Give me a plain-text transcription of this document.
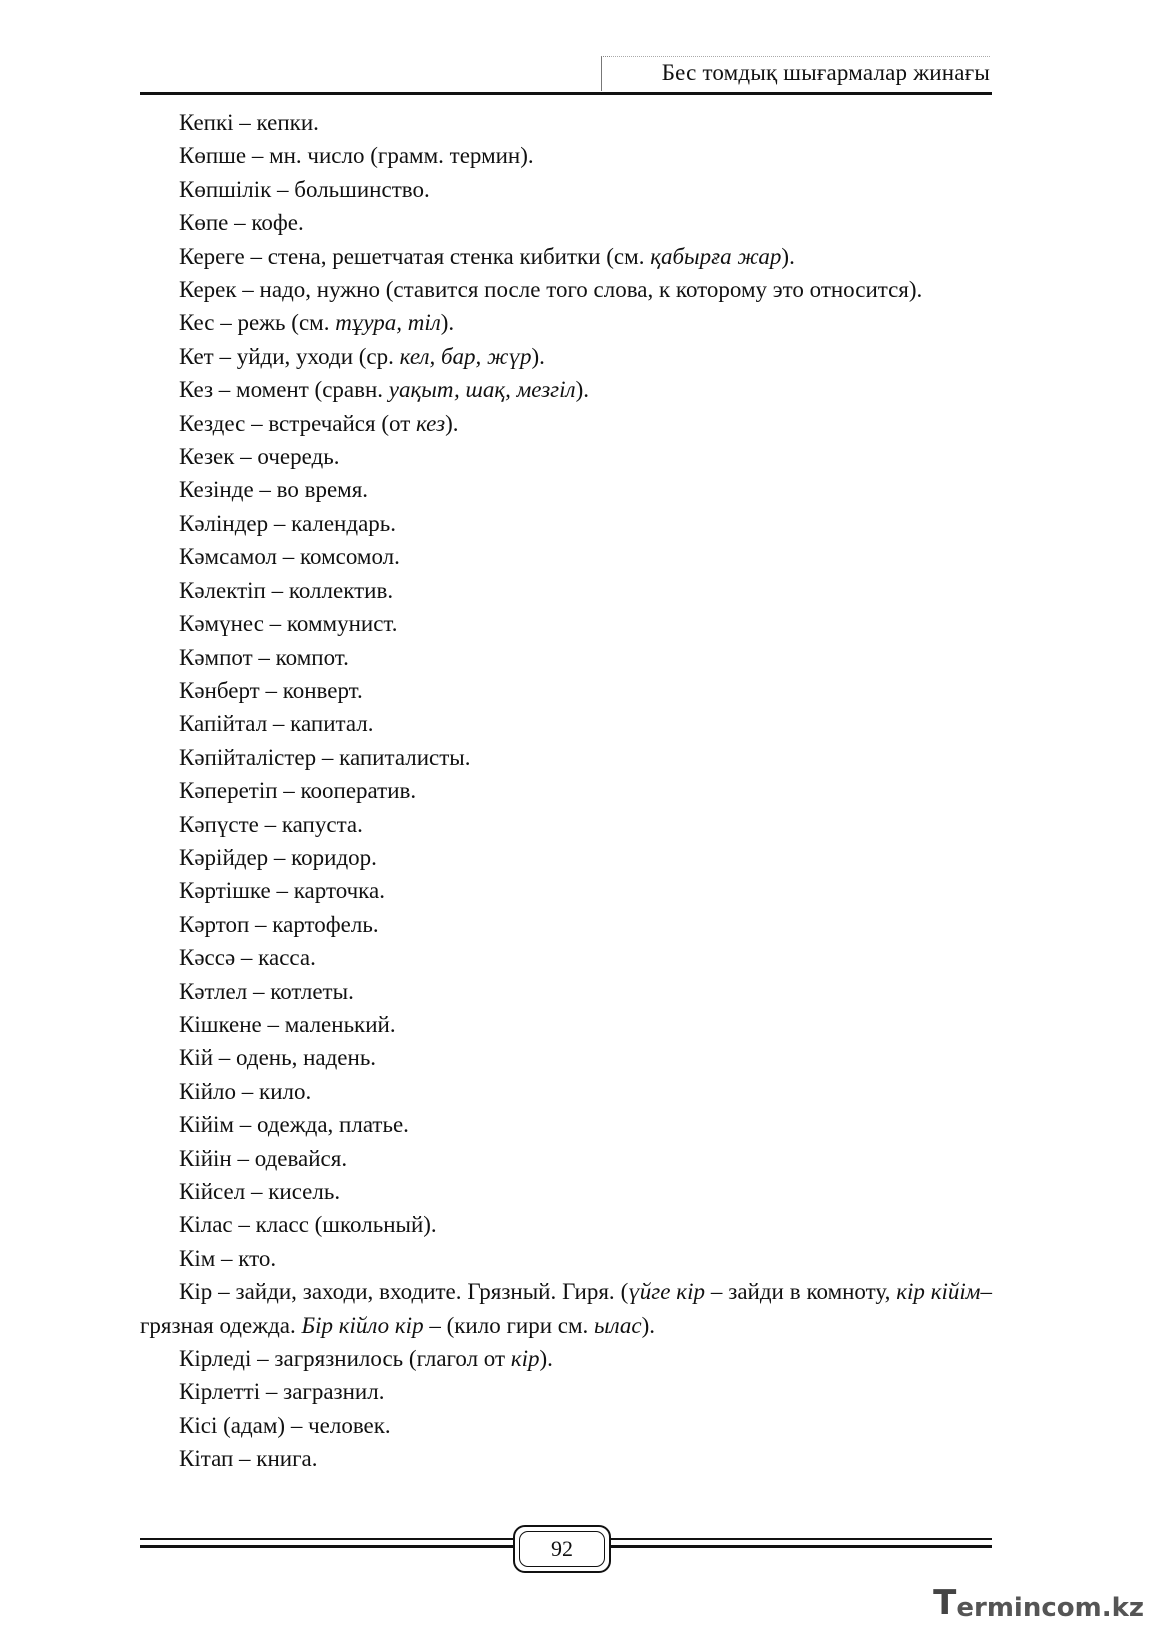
Бес томдық шығармалар жинағы

Кепкі – кепки.

Көпше – мн. число (грамм. термин).

Көпшілік – большинство.

Көпе – кофе.

Кереге – стена, решетчатая стенка кибитки (см. қабырға жар).

Керек – надо, нужно (ставится после того слова, к которому это относится).

Кес – режь (см. тұура, тіл).

Кет – уйди, уходи (ср. кел, бар, жүр).

Кез – момент (сравн. уақыт, шақ, мезгіл).

Кездес – встречайся (от кез).

Кезек – очередь.

Кезінде – во время.

Кәліндер – календарь.

Кәмсамол – комсомол.

Кәлектіп – коллектив.

Кәмүнес – коммунист.

Кәмпот – компот.

Кәнберт – конверт.

Капійтал – капитал.

Кәпійталістер – капиталисты.

Кәперетіп – кооператив.

Кәпүсте – капуста.

Кәрійдер – коридор.

Кәртішке – карточка.

Кәртоп – картофель.

Кәссә – касса.

Кәтлел – котлеты.

Кішкене – маленький.

Кій – одень, надень.

Кійло – кило.

Кійім – одежда, платье.

Кійін – одевайся.

Кійсел – кисель.

Кілас – класс (школьный).

Кім – кто.

Кір – зайди, заходи, входите. Грязный. Гиря. (үйге кір – зайди в комноту, кір кійім– грязная одежда. Бір кійло кір – (кило гири см. ылас).

Кірледі – загрязнилось (глагол от кір).

Кірлетті – загразнил.

Кісі (адам) – человек.

Кітап – книга.

92
T ermincom.kz
